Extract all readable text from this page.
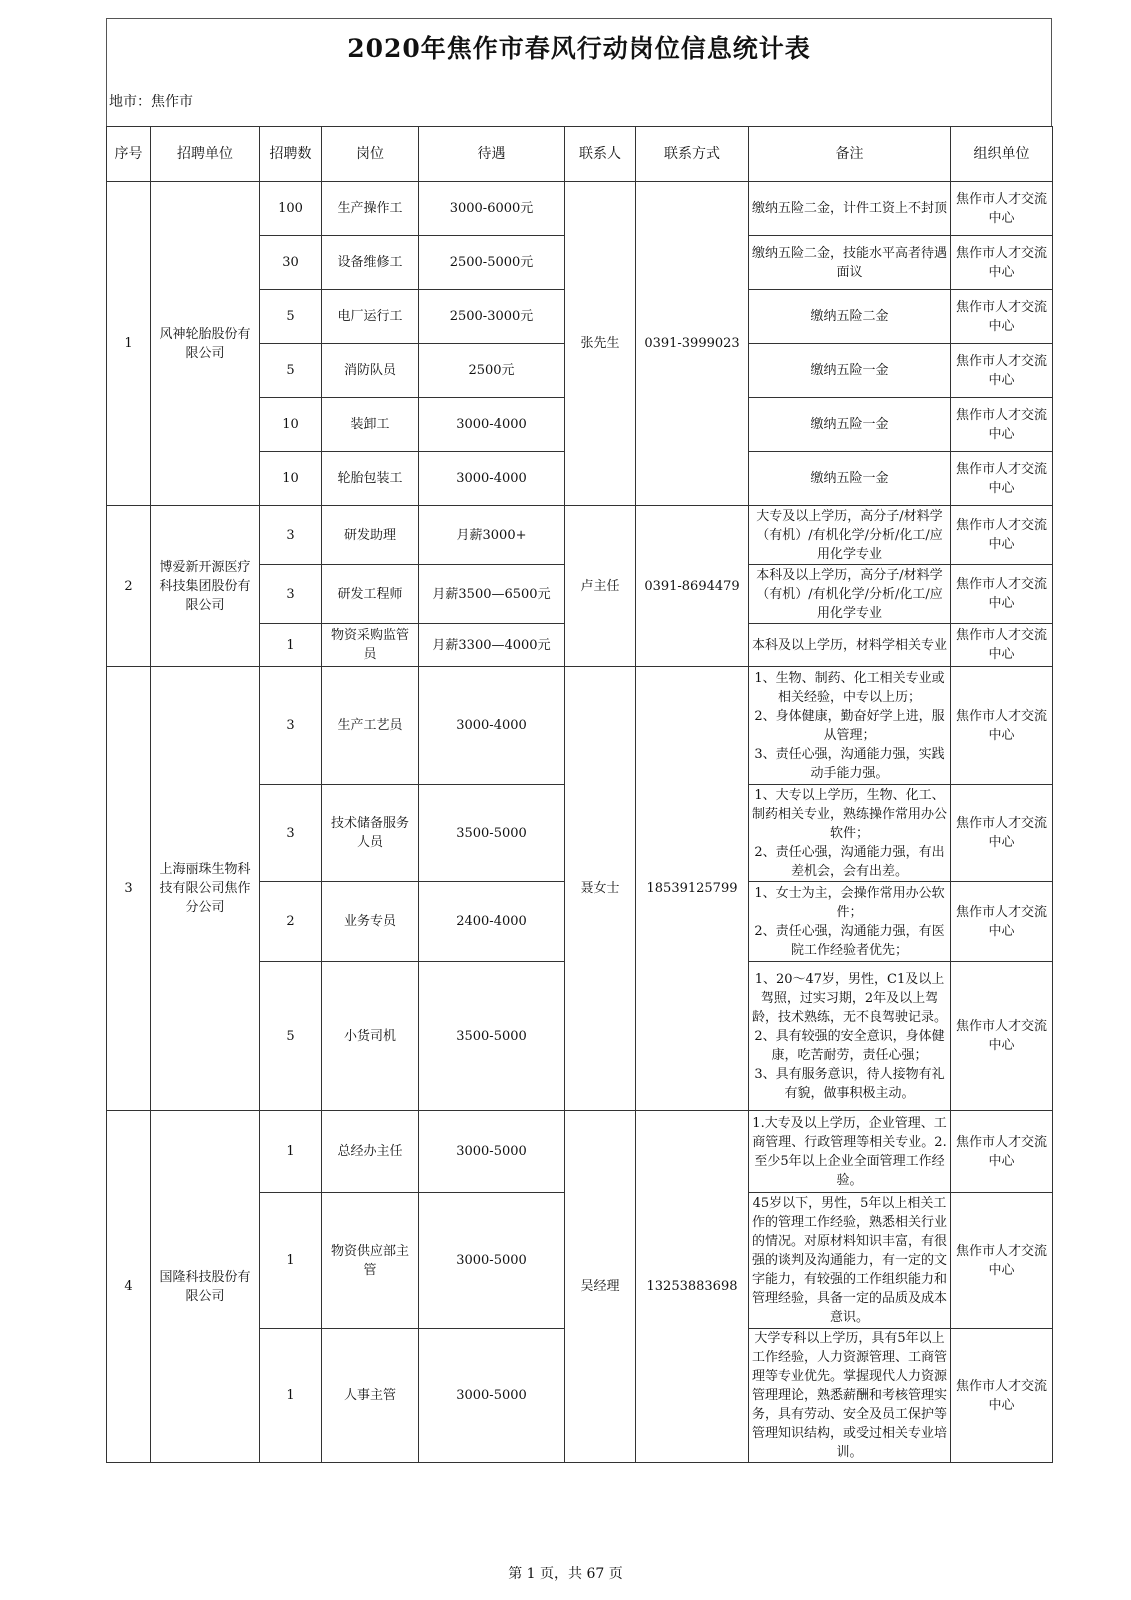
2020年焦作市春风行动岗位信息统计表
地市：焦作市
序号	招聘单位	招聘数	岗位	待遇	联系人	联系方式	备注	组织单位
1	风神轮胎股份有限公司	100	生产操作工	3000-6000元	张先生	0391-3999023	缴纳五险二金，计件工资上不封顶	焦作市人才交流中心
		30	设备维修工	2500-5000元			缴纳五险二金，技能水平高者待遇面议	焦作市人才交流中心
		5	电厂运行工	2500-3000元			缴纳五险二金	焦作市人才交流中心
		5	消防队员	2500元			缴纳五险一金	焦作市人才交流中心
		10	装卸工	3000-4000			缴纳五险一金	焦作市人才交流中心
		10	轮胎包装工	3000-4000			缴纳五险一金	焦作市人才交流中心
2	博爱新开源医疗科技集团股份有限公司	3	研发助理	月薪3000+	卢主任	0391-8694479	大专及以上学历，高分子/材料学（有机）/有机化学/分析/化工/应用化学专业	焦作市人才交流中心
		3	研发工程师	月薪3500—6500元			本科及以上学历，高分子/材料学（有机）/有机化学/分析/化工/应用化学专业	焦作市人才交流中心
		1	物资采购监管员	月薪3300—4000元			本科及以上学历，材料学相关专业	焦作市人才交流中心
3	上海丽珠生物科技有限公司焦作分公司	3	生产工艺员	3000-4000	聂女士	18539125799	1、生物、制药、化工相关专业或相关经验，中专以上历；
2、身体健康，勤奋好学上进，服从管理；
3、责任心强，沟通能力强，实践动手能力强。	焦作市人才交流中心
		3	技术储备服务人员	3500-5000			1、大专以上学历，生物、化工、制药相关专业，熟练操作常用办公软件；
2、责任心强，沟通能力强，有出差机会，会有出差。	焦作市人才交流中心
		2	业务专员	2400-4000			1、女士为主，会操作常用办公软件；
2、责任心强，沟通能力强，有医院工作经验者优先；	焦作市人才交流中心
		5	小货司机	3500-5000			1、20～47岁，男性，C1及以上驾照，过实习期，2年及以上驾龄，技术熟练，无不良驾驶记录。
2、具有较强的安全意识，身体健康，吃苦耐劳，责任心强；
3、具有服务意识，待人接物有礼有貌，做事积极主动。	焦作市人才交流中心
4	国隆科技股份有限公司	1	总经办主任	3000-5000	吴经理	13253883698	1.大专及以上学历，企业管理、工商管理、行政管理等相关专业。2.至少5年以上企业全面管理工作经验。	焦作市人才交流中心
		1	物资供应部主管	3000-5000			45岁以下，男性，5年以上相关工作的管理工作经验，熟悉相关行业的情况。对原材料知识丰富，有很强的谈判及沟通能力，有一定的文字能力，有较强的工作组织能力和管理经验，具备一定的品质及成本意识。	焦作市人才交流中心
		1	人事主管	3000-5000			大学专科以上学历，具有5年以上工作经验，人力资源管理、工商管理等专业优先。掌握现代人力资源管理理论，熟悉薪酬和考核管理实务，具有劳动、安全及员工保护等管理知识结构，或受过相关专业培训。	焦作市人才交流中心
第 1 页，共 67 页
